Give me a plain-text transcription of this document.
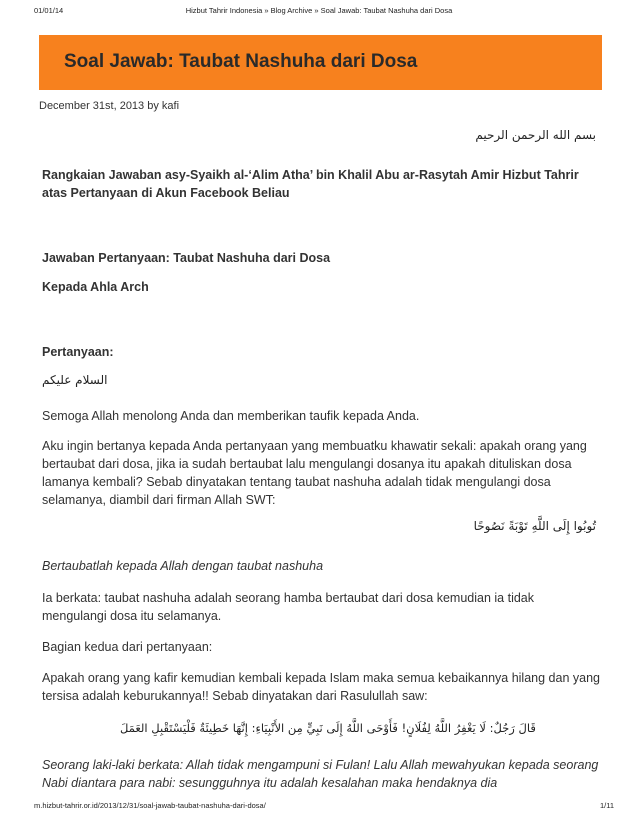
01/01/14	Hizbut Tahrir Indonesia » Blog Archive » Soal Jawab: Taubat Nashuha dari Dosa
Soal Jawab: Taubat Nashuha dari Dosa
December 31st, 2013 by kafi
بسم الله الرحمن الرحيم
Rangkaian Jawaban asy-Syaikh al-‘Alim Atha’ bin Khalil Abu ar-Rasytah Amir Hizbut Tahrir atas Pertanyaan di Akun Facebook Beliau
Jawaban Pertanyaan: Taubat Nashuha dari Dosa
Kepada Ahla Arch
Pertanyaan:
السلام عليكم
Semoga Allah menolong Anda dan memberikan taufik kepada Anda.
Aku ingin bertanya kepada Anda pertanyaan yang membuatku khawatir sekali: apakah orang yang bertaubat dari dosa, jika ia sudah bertaubat lalu mengulangi dosanya itu apakah dituliskan dosa lamanya kembali? Sebab dinyatakan tentang taubat nashuha adalah tidak mengulangi dosa selamanya, diambil dari firman Allah SWT:
تُوبُوا إِلَى اللَّهِ تَوْبَةً نَصُوحًا
Bertaubatlah kepada Allah dengan taubat nashuha
Ia berkata: taubat nashuha adalah seorang hamba bertaubat dari dosa kemudian ia tidak mengulangi dosa itu selamanya.
Bagian kedua dari pertanyaan:
Apakah orang yang kafir kemudian kembali kepada Islam maka semua kebaikannya hilang dan yang tersisa adalah keburukannya!! Sebab dinyatakan dari Rasulullah saw:
قَالَ رَجُلٌ: لَا يَغْفِرُ اللَّهُ لِفُلَانٍ! فَأَوْحَى اللَّهُ إِلَى نَبِيٍّ مِن الأَنْبِيَاءِ: إِنَّهَا خَطِيئَةٌ فَلْيَسْتَقْبِلِ العَمَلَ
Seorang laki-laki berkata: Allah tidak mengampuni si Fulan! Lalu Allah mewahyukan kepada seorang Nabi diantara para nabi: sesungguhnya itu adalah kesalahan maka hendaknya dia
m.hizbut-tahrir.or.id/2013/12/31/soal-jawab-taubat-nashuha-dari-dosa/	1/11
